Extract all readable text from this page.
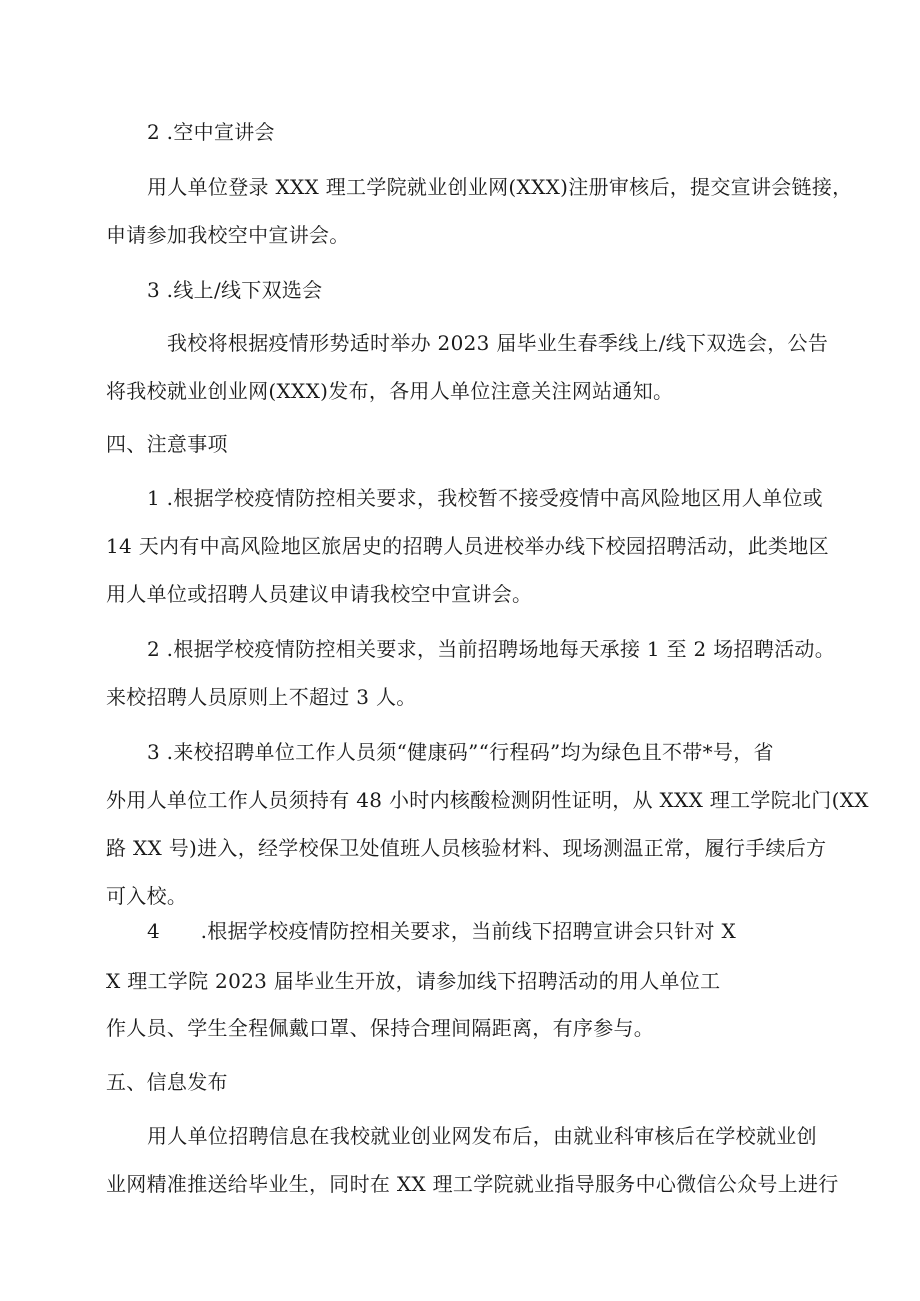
2 .空中宣讲会
用人单位登录 XXX 理工学院就业创业网(XXX)注册审核后，提交宣讲会链接，
申请参加我校空中宣讲会。
3 .线上/线下双选会
我校将根据疫情形势适时举办 2023 届毕业生春季线上/线下双选会，公告
将我校就业创业网(XXX)发布，各用人单位注意关注网站通知。
四、注意事项
1 .根据学校疫情防控相关要求，我校暂不接受疫情中高风险地区用人单位或
14 天内有中高风险地区旅居史的招聘人员进校举办线下校园招聘活动，此类地区
用人单位或招聘人员建议申请我校空中宣讲会。
2 .根据学校疫情防控相关要求，当前招聘场地每天承接 1 至 2 场招聘活动。
来校招聘人员原则上不超过 3 人。
3 .来校招聘单位工作人员须“健康码”“行程码”均为绿色且不带*号，省
外用人单位工作人员须持有 48 小时内核酸检测阴性证明，从 XXX 理工学院北门(XX
路 XX 号)进入，经学校保卫处值班人员核验材料、现场测温正常，履行手续后方
可入校。
4　　.根据学校疫情防控相关要求，当前线下招聘宣讲会只针对 X
X 理工学院 2023 届毕业生开放，请参加线下招聘活动的用人单位工
作人员、学生全程佩戴口罩、保持合理间隔距离，有序参与。
五、信息发布
用人单位招聘信息在我校就业创业网发布后，由就业科审核后在学校就业创
业网精准推送给毕业生，同时在 XX 理工学院就业指导服务中心微信公众号上进行
